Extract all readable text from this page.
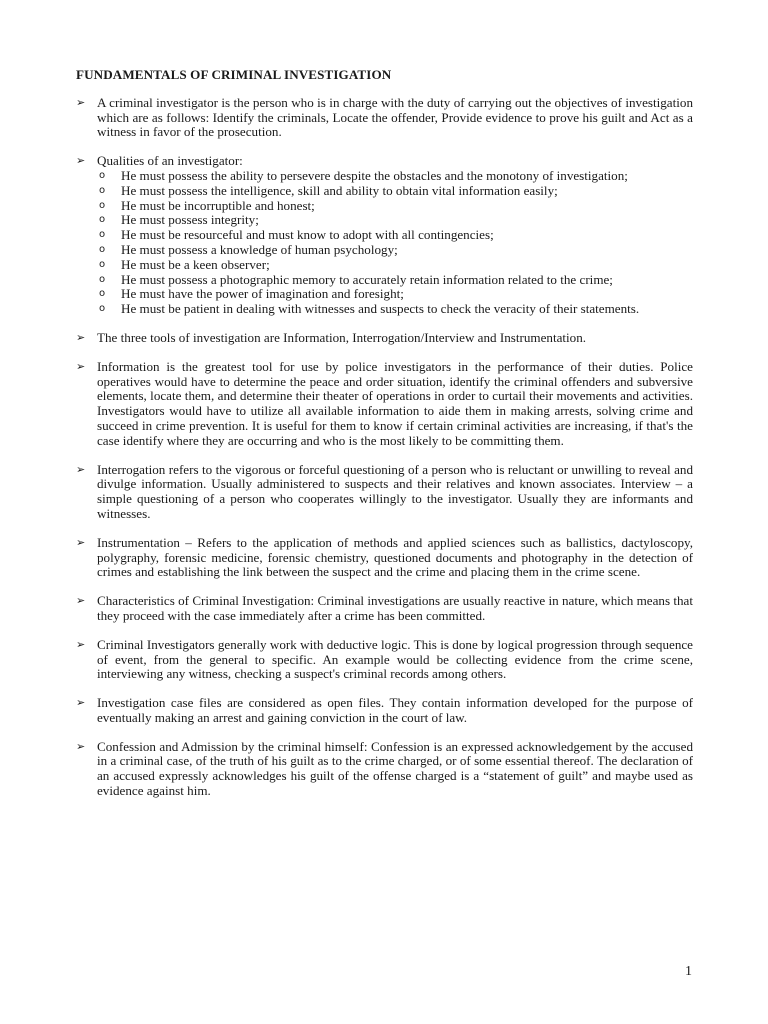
FUNDAMENTALS OF CRIMINAL INVESTIGATION
➢ A criminal investigator is the person who is in charge with the duty of carrying out the objectives of investigation which are as follows: Identify the criminals, Locate the offender, Provide evidence to prove his guilt and Act as a witness in favor of the prosecution.
➢ Qualities of an investigator:
o He must possess the ability to persevere despite the obstacles and the monotony of investigation;
o He must possess the intelligence, skill and ability to obtain vital information easily;
o He must be incorruptible and honest;
o He must possess integrity;
o He must be resourceful and must know to adopt with all contingencies;
o He must possess a knowledge of human psychology;
o He must be a keen observer;
o He must possess a photographic memory to accurately retain information related to the crime;
o He must have the power of imagination and foresight;
o He must be patient in dealing with witnesses and suspects to check the veracity of their statements.
➢ The three tools of investigation are Information, Interrogation/Interview and Instrumentation.
➢ Information is the greatest tool for use by police investigators in the performance of their duties. Police operatives would have to determine the peace and order situation, identify the criminal offenders and subversive elements, locate them, and determine their theater of operations in order to curtail their movements and activities. Investigators would have to utilize all available information to aide them in making arrests, solving crime and succeed in crime prevention. It is useful for them to know if certain criminal activities are increasing, if that's the case identify where they are occurring and who is the most likely to be committing them.
➢ Interrogation refers to the vigorous or forceful questioning of a person who is reluctant or unwilling to reveal and divulge information. Usually administered to suspects and their relatives and known associates. Interview – a simple questioning of a person who cooperates willingly to the investigator. Usually they are informants and witnesses.
➢ Instrumentation – Refers to the application of methods and applied sciences such as ballistics, dactyloscopy, polygraphy, forensic medicine, forensic chemistry, questioned documents and photography in the detection of crimes and establishing the link between the suspect and the crime and placing them in the crime scene.
➢ Characteristics of Criminal Investigation: Criminal investigations are usually reactive in nature, which means that they proceed with the case immediately after a crime has been committed.
➢ Criminal Investigators generally work with deductive logic. This is done by logical progression through sequence of event, from the general to specific. An example would be collecting evidence from the crime scene, interviewing any witness, checking a suspect's criminal records among others.
➢ Investigation case files are considered as open files. They contain information developed for the purpose of eventually making an arrest and gaining conviction in the court of law.
➢ Confession and Admission by the criminal himself: Confession is an expressed acknowledgement by the accused in a criminal case, of the truth of his guilt as to the crime charged, or of some essential thereof. The declaration of an accused expressly acknowledges his guilt of the offense charged is a “statement of guilt” and maybe used as evidence against him.
1
